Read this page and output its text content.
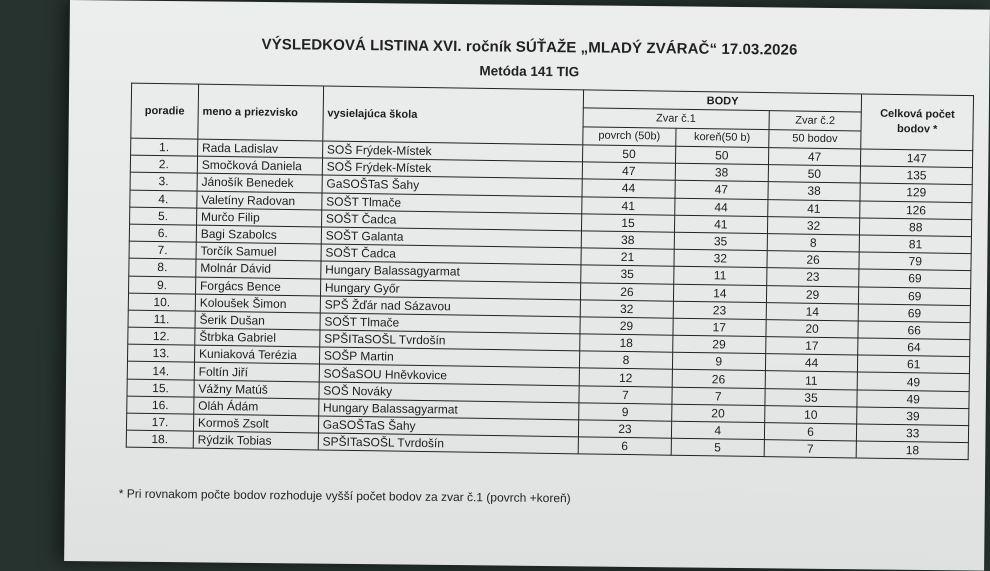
VÝSLEDKOVÁ LISTINA XVI. ročník SÚŤAŽE „MLADÝ ZVÁRAČ“ 17.03.2026
Metóda 141 TIG
poradie	meno a priezvisko	vysielajúca škola	BODY			Celková počet bodov *
			Zvar č.1		Zvar č.2	
			povrch (50b)	koreň(50 b)	50 bodov	
1.	Rada Ladislav	SOŠ Frýdek-Místek	50	50	47	147
2.	Smočková Daniela	SOŠ Frýdek-Místek	47	38	50	135
3.	Jánošík Benedek	GaSOŠTaS Šahy	44	47	38	129
4.	Valetíny Radovan	SOŠT Tlmače	41	44	41	126
5.	Murčo Filip	SOŠT Čadca	15	41	32	88
6.	Bagi Szabolcs	SOŠT Galanta	38	35	8	81
7.	Torčík Samuel	SOŠT Čadca	21	32	26	79
8.	Molnár Dávid	Hungary Balassagyarmat	35	11	23	69
9.	Forgács Bence	Hungary Győr	26	14	29	69
10.	Koloušek Šimon	SPŠ Žďár nad Sázavou	32	23	14	69
11.	Šerik Dušan	SOŠT Tlmače	29	17	20	66
12.	Štrbka Gabriel	SPŠITaSOŠL Tvrdošín	18	29	17	64
13.	Kuniaková Terézia	SOŠP Martin	8	9	44	61
14.	Foltín Jiří	SOŠaSOU Hněvkovice	12	26	11	49
15.	Vážny Matúš	SOŠ Nováky	7	7	35	49
16.	Oláh Ádám	Hungary Balassagyarmat	9	20	10	39
17.	Kormoš Zsolt	GaSOŠTaS Šahy	23	4	6	33
18.	Rýdzik Tobias	SPŠITaSOŠL Tvrdošín	6	5	7	18
* Pri rovnakom počte bodov rozhoduje vyšší počet bodov za zvar č.1 (povrch +koreň)
